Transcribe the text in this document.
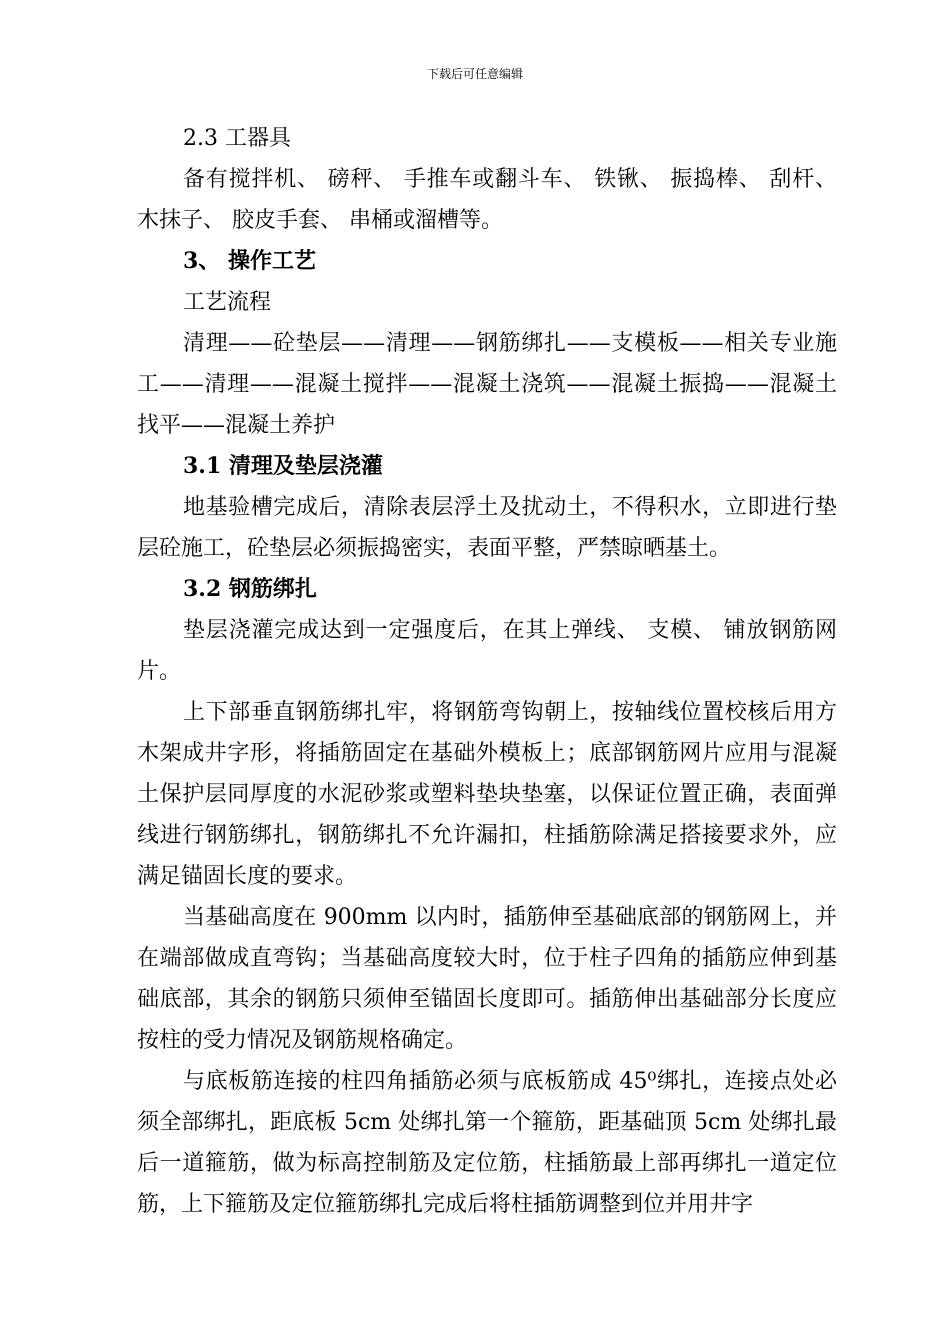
下载后可任意编辑

2.3 工器具

备有搅拌机、 磅秤、 手推车或翻斗车、 铁锹、 振捣棒、 刮杆、 木抹子、 胶皮手套、 串桶或溜槽等。

3、 操作工艺

工艺流程

清理——砼垫层——清理——钢筋绑扎——支模板——相关专业施工——清理——混凝土搅拌——混凝土浇筑——混凝土振捣——混凝土找平——混凝土养护

3.1 清理及垫层浇灌

地基验槽完成后，清除表层浮土及扰动土，不得积水，立即进行垫层砼施工，砼垫层必须振捣密实，表面平整，严禁晾晒基土。

3.2 钢筋绑扎

垫层浇灌完成达到一定强度后，在其上弹线、 支模、 铺放钢筋网片。

上下部垂直钢筋绑扎牢，将钢筋弯钩朝上，按轴线位置校核后用方木架成井字形，将插筋固定在基础外模板上；底部钢筋网片应用与混凝土保护层同厚度的水泥砂浆或塑料垫块垫塞，以保证位置正确，表面弹线进行钢筋绑扎，钢筋绑扎不允许漏扣，柱插筋除满足搭接要求外，应满足锚固长度的要求。

当基础高度在 900mm 以内时，插筋伸至基础底部的钢筋网上，并在端部做成直弯钩；当基础高度较大时，位于柱子四角的插筋应伸到基础底部，其余的钢筋只须伸至锚固长度即可。插筋伸出基础部分长度应按柱的受力情况及钢筋规格确定。

与底板筋连接的柱四角插筋必须与底板筋成 45⁰绑扎，连接点处必须全部绑扎，距底板 5cm 处绑扎第一个箍筋，距基础顶 5cm 处绑扎最后一道箍筋，做为标高控制筋及定位筋，柱插筋最上部再绑扎一道定位筋，上下箍筋及定位箍筋绑扎完成后将柱插筋调整到位并用井字
